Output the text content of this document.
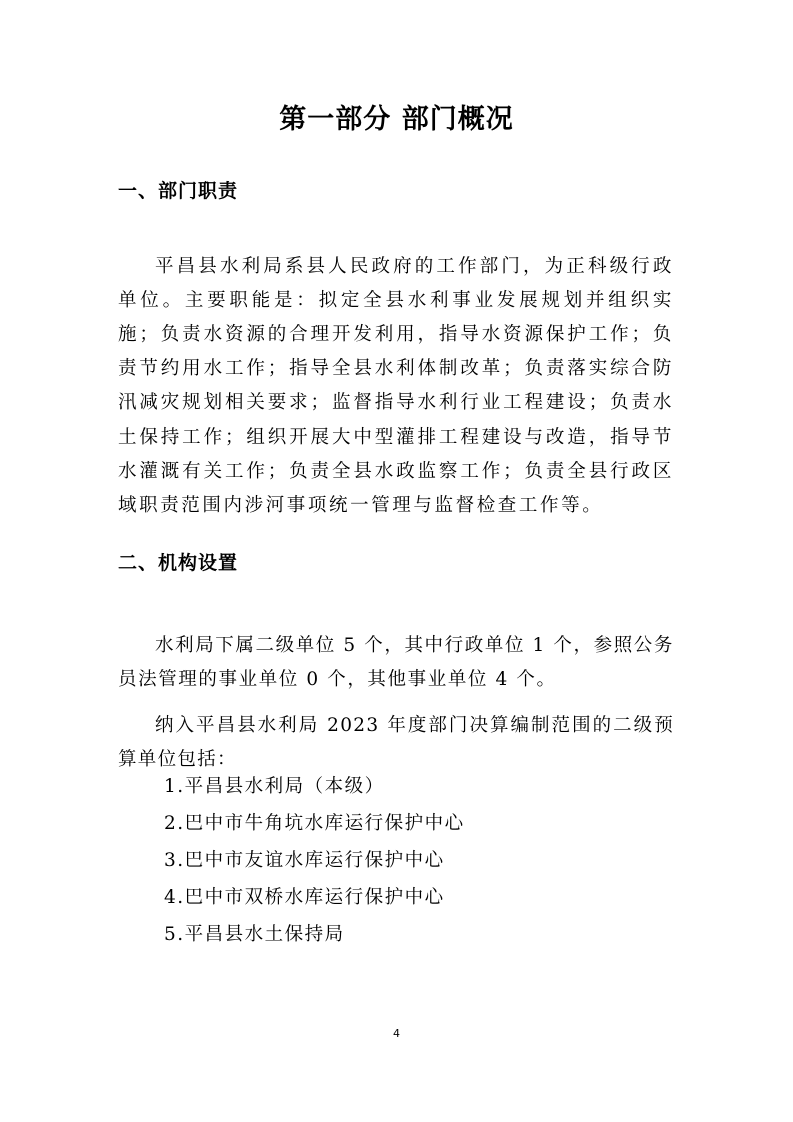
第一部分 部门概况
一、部门职责

平昌县水利局系县人民政府的工作部门，为正科级行政单位。主要职能是：拟定全县水利事业发展规划并组织实施；负责水资源的合理开发利用，指导水资源保护工作；负责节约用水工作；指导全县水利体制改革；负责落实综合防汛减灾规划相关要求；监督指导水利行业工程建设；负责水土保持工作；组织开展大中型灌排工程建设与改造，指导节水灌溉有关工作；负责全县水政监察工作；负责全县行政区域职责范围内涉河事项统一管理与监督检查工作等。

二、机构设置

水利局下属二级单位 5 个，其中行政单位 1 个，参照公务员法管理的事业单位 0 个，其他事业单位 4 个。

纳入平昌县水利局 2023 年度部门决算编制范围的二级预算单位包括：

1.平昌县水利局（本级）
2.巴中市牛角坑水库运行保护中心
3.巴中市友谊水库运行保护中心
4.巴中市双桥水库运行保护中心
5.平昌县水土保持局
4
